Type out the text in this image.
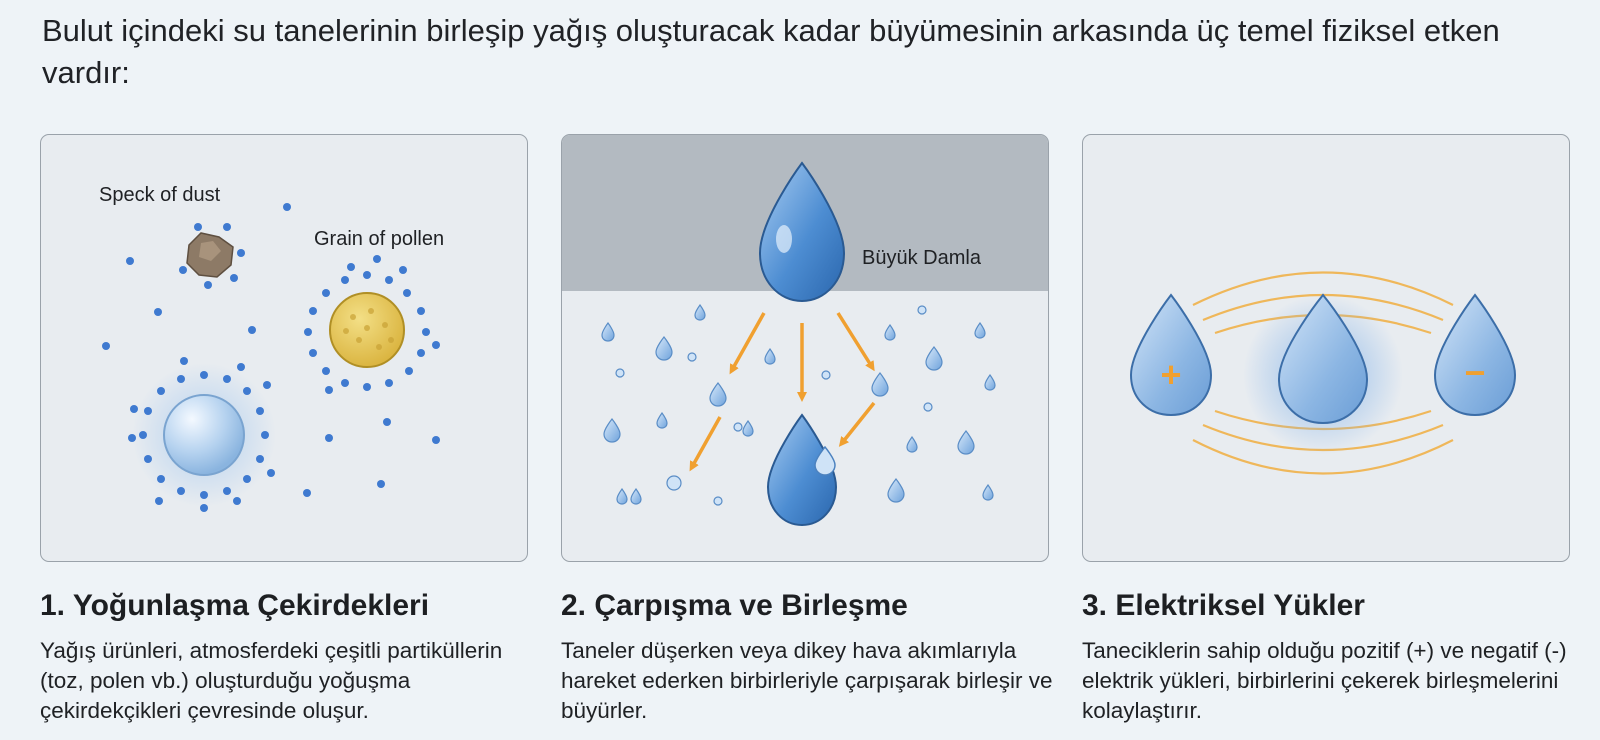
Bulut içindeki su tanelerinin birleşip yağış oluşturacak kadar büyümesinin arkasında üç temel fiziksel etken vardır:
Speck of dust
Grain of pollen
Büyük Damla
+	−
1. Yoğunlaşma Çekirdekleri

Yağış ürünleri, atmosferdeki çeşitli partiküllerin (toz, polen vb.) oluşturduğu yoğuşma çekirdekçikleri çevresinde oluşur.

2. Çarpışma ve Birleşme

Taneler düşerken veya dikey hava akımlarıyla hareket ederken birbirleriyle çarpışarak birleşir ve büyürler.

3. Elektriksel Yükler

Taneciklerin sahip olduğu pozitif (+) ve negatif (-) elektrik yükleri, birbirlerini çekerek birleşmelerini kolaylaştırır.
